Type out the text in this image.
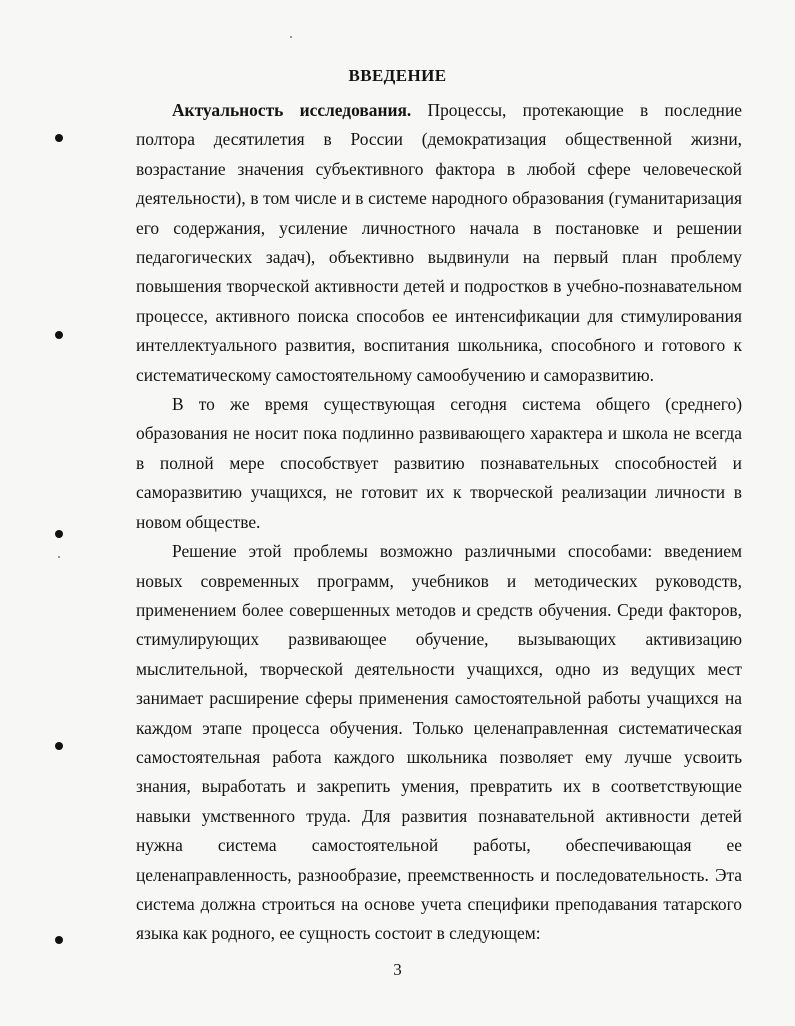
ВВЕДЕНИЕ

Актуальность исследования. Процессы, протекающие в последние полтора десятилетия в России (демократизация общественной жизни, возрастание значения субъективного фактора в любой сфере человеческой деятельности), в том числе и в системе народного образования (гуманитаризация его содержания, усиление личностного начала в постановке и решении педагогических задач), объективно выдвинули на первый план проблему повышения творческой активности детей и подростков в учебно-познавательном процессе, активного поиска способов ее интенсификации для стимулирования интеллектуального развития, воспитания школьника, способного и готового к систематическому самостоятельному самообучению и саморазвитию.

В то же время существующая сегодня система общего (среднего) образования не носит пока подлинно развивающего характера и школа не всегда в полной мере способствует развитию познавательных способностей и саморазвитию учащихся, не готовит их к творческой реализации личности в новом обществе.

Решение этой проблемы возможно различными способами: введением новых современных программ, учебников и методических руководств, применением более совершенных методов и средств обучения. Среди факторов, стимулирующих развивающее обучение, вызывающих активизацию мыслительной, творческой деятельности учащихся, одно из ведущих мест занимает расширение сферы применения самостоятельной работы учащихся на каждом этапе процесса обучения. Только целенаправленная систематическая самостоятельная работа каждого школьника позволяет ему лучше усвоить знания, выработать и закрепить умения, превратить их в соответствующие навыки умственного труда. Для развития познавательной активности детей нужна система самостоятельной работы, обеспечивающая ее целенаправленность, разнообразие, преемственность и последовательность. Эта система должна строиться на основе учета специфики преподавания татарского языка как родного, ее сущность состоит в следующем:

3
